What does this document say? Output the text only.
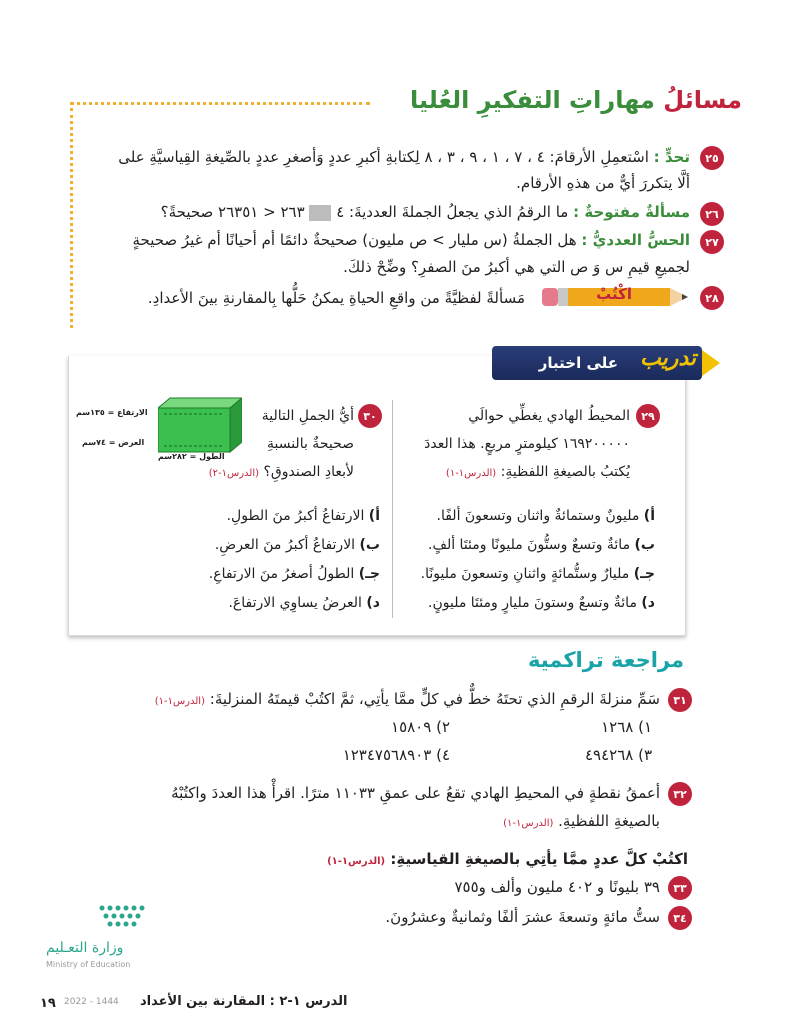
مسائلُ مهاراتِ التفكيرِ العُليا
٢٥
تحدٍّ : اسْتعمِلِ الأرقامَ: ٤ ، ٧ ، ١ ، ٩ ، ٣ ، ٨ لِكتابةِ أكبرِ عددٍ وَأصغرِ عددٍ بالصِّيغةِ القِياسيَّةِ على
ألَّا يتكررَ أيٌّ من هذهِ الأرقام.
٢٦
مسألةٌ مفتوحةٌ : ما الرقمُ الذي يجعلُ الجملةَ العدديةَ: ٤  ٢٦٣ < ٢٦٣٥١ صحيحةً؟
٢٧
الحسُّ العدديُّ : هل الجملةُ (س مليار > ص مليون) صحيحةٌ دائمًا أم أحيانًا أم غيرُ صحيحةٍ
لجميعِ قيمِ س وَ ص التي هي أكبرُ منَ الصفرِ؟ وضِّحْ ذلكَ.
٢٨
اكْتُبْ
مَسألةً لفظيَّةً من واقعِ الحياةِ يمكنُ حَلُّها بِالمقارنةِ بينَ الأعدادِ.
تدريب
على اختبار
٢٩
المحيطُ الهادي يغطِّي حوالَي
١٦٩٢٠٠٠٠٠ كيلومترٍ مربعٍ. هذا العددَ
يُكتبُ بالصيغةِ اللفظيةِ: (الدرس١-١)
أ) مليونٌ وستمائةٌ واثنان وتسعونَ ألفًا.
ب) مائةٌ وتسعٌ وستُّونَ مليونًا ومئتَا ألفٍ.
جـ) مليارٌ وستُّمائةٍ واثنانِ وتسعونَ مليونًا.
د) مائةٌ وتسعٌ وستونَ مليارٍ ومئتَا مليونٍ.
٣٠
أيُّ الجملِ التالية
صحيحةٌ بالنسبةِ
لأبعادِ الصندوقِ؟ (الدرس١-٢)
الارتفاع = ١٣٥سم
العرض = ٧٤سم
الطول = ٢٨٢سم
أ) الارتفاعُ أكبرُ منَ الطولِ.
ب) الارتفاعُ أكبرُ منَ العرضِ.
جـ) الطولُ أصغرُ منَ الارتفاعِ.
د) العرضُ يساوِي الارتفاعَ.
مراجعة تراكمية
٣١
سَمِّ منزلةَ الرقمِ الذي تحتَهُ خطٌّ في كلٍّ ممَّا يأتِي، ثمَّ اكتُبْ قيمتَهُ المنزليةَ: (الدرس١-١)
١) ١٢٦٨
٢) ١٥٨٠٩
٣) ٤٩٤٢٦٨
٤) ١٢٣٤٧٥٦٨٩٠٣
٣٢
أعمقُ نقطةٍ في المحيطِ الهادي تقعُ على عمقِ ١١٠٣٣ مترًا. اقرأْ هذا العددَ واكتُبْهُ
بالصيغةِ اللفظيةِ. (الدرس١-١)
اكتُبْ كلَّ عددٍ ممَّا يأتِي بالصيغةِ القياسيةِ: (الدرس١-١)
٣٣
٣٩ بليونًا و ٤٠٢ مليون وألف و٧٥٥
٣٤
ستُّ مائةٍ وتسعةَ عشرَ ألفًا وثمانيةٌ وعشرُونَ.
وزارة التعـليم
Ministry of Education
١٩ 2022 - 1444	الدرس ١-٢ : المقارنة بين الأعداد
